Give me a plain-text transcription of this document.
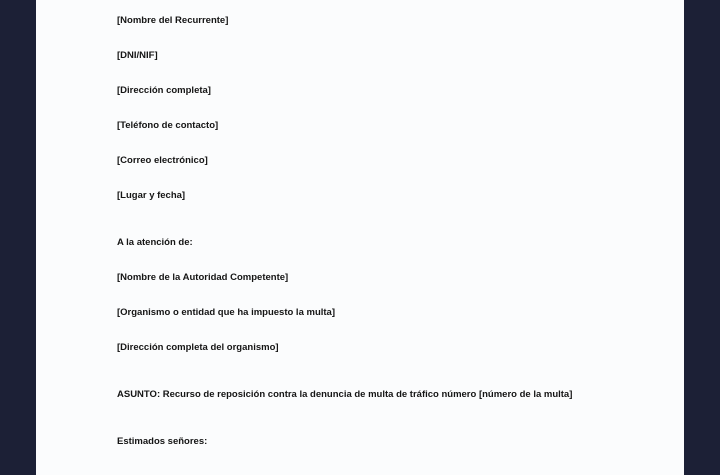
[Nombre del Recurrente]

[DNI/NIF]

[Dirección completa]

[Teléfono de contacto]

[Correo electrónico]

[Lugar y fecha]

A la atención de:

[Nombre de la Autoridad Competente]

[Organismo o entidad que ha impuesto la multa]

[Dirección completa del organismo]

ASUNTO: Recurso de reposición contra la denuncia de multa de tráfico número [número de la multa]

Estimados señores:
